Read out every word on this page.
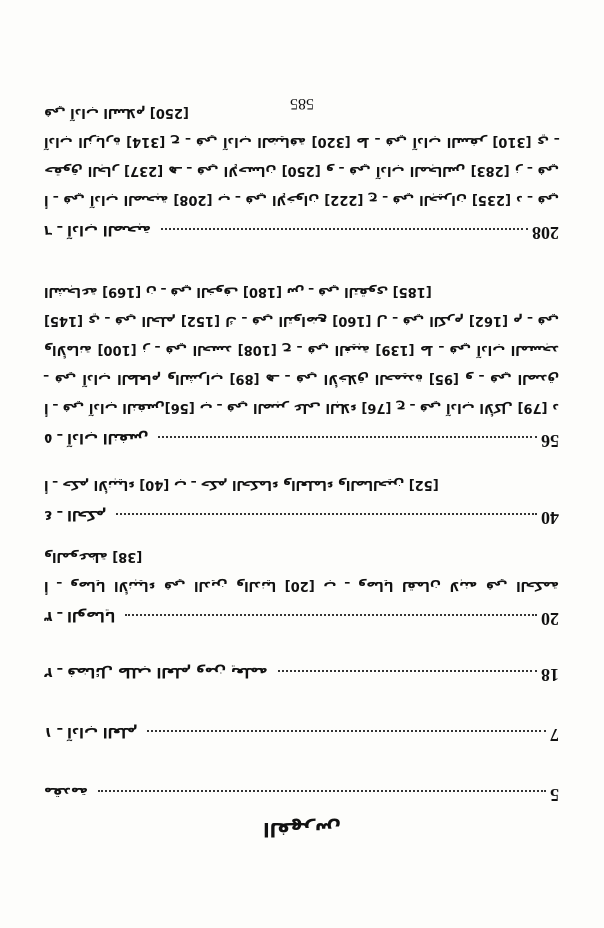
الفهرس
مقدمة	5
١ ـ آداب العلم	7
٢ ـ فضائل طلب العلم ومن يعلمه	18
٣ ـ الوصايا	20
أ ـ وصايا الأنبياء في الدين والدنيا [20] ب ـ وصايا لقمان لابنه في الحكمة والموعظة [38]
٤ ـ الحكم	40
أ ـ حكم الأنبياء [40] ب ـ حكم الحكماء والعلماء والصالحين [52]
٥ ـ آداب النفس	56
أ ـ في آداب النفس[56] ب ـ في الصبر على البلاء [76] ج ـ في آداب الأكل [79] د ـ في آداب الطعام والشراب [89] هـ ـ في الأخلاق الحميدة [95] و ـ في الصدق والأمانة [100] ز ـ في الحسد [108] ح ـ في الغيبة [139] ط ـ في آداب المسجد [145] ي ـ في الحلم [152] ك ـ في التواضع [160] ل ـ في الكرم [162] م ـ في الشجاعة [169] ن ـ في الخوف [180] س ـ في التقوى [185]
٦ ـ آداب الصحبة	208
أ ـ في آداب الصحبة [208] ب ـ في الإخوان [222] ج ـ في الجيران [235] د ـ في حقوق الجار [237] هـ ـ في الإحسان [250] و ـ في آداب المجالس [283] ز ـ في آداب الزيارة [314] ح ـ في آداب الضيافة [320] ط ـ في آداب السفر [310] ي ـ في آداب السلام [250]
585
